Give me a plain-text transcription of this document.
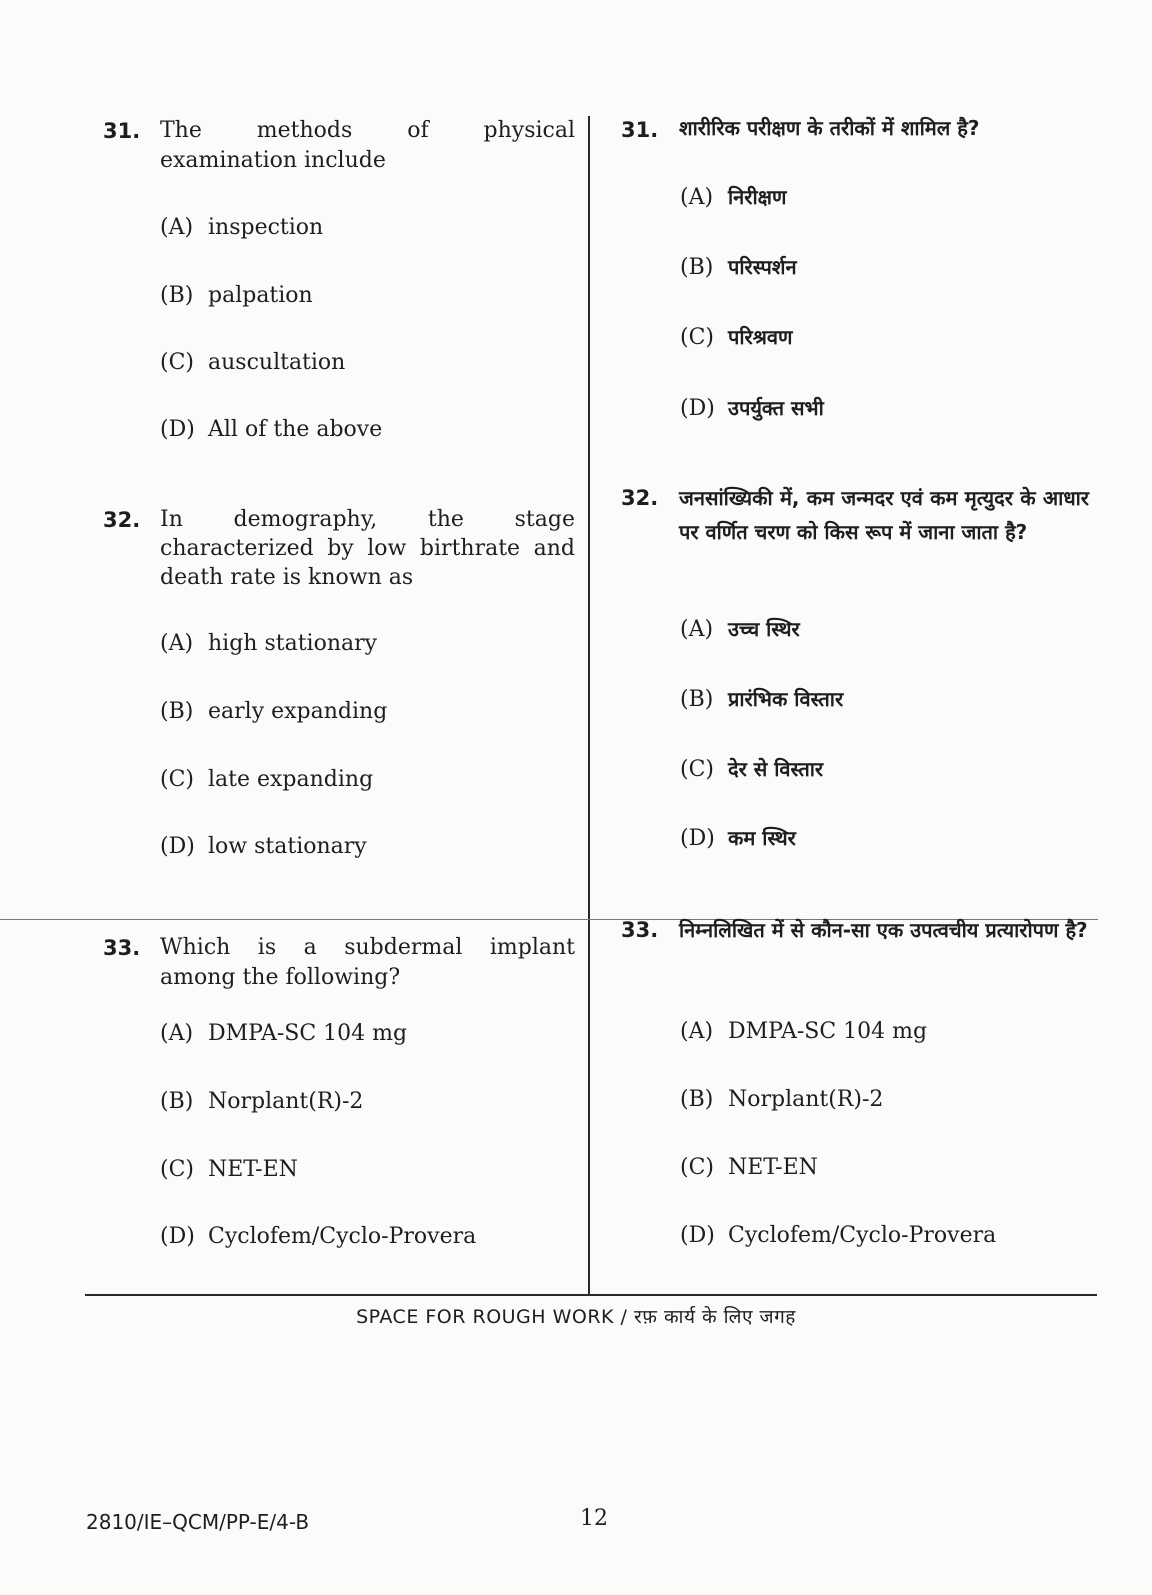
31. The methods of physical examination include
(A) inspection
(B) palpation
(C) auscultation
(D) All of the above
31. शारीरिक परीक्षण के तरीकों में शामिल है?
(A) निरीक्षण
(B) परिस्पर्शन
(C) परिश्रवण
(D) उपर्युक्त सभी
32. In demography, the stage characterized by low birthrate and death rate is known as
(A) high stationary
(B) early expanding
(C) late expanding
(D) low stationary
32. जनसांख्यिकी में, कम जन्मदर एवं कम मृत्युदर के आधार पर वर्णित चरण को किस रूप में जाना जाता है?
(A) उच्च स्थिर
(B) प्रारंभिक विस्तार
(C) देर से विस्तार
(D) कम स्थिर
33. Which is a subdermal implant among the following?
(A) DMPA-SC 104 mg
(B) Norplant(R)-2
(C) NET-EN
(D) Cyclofem/Cyclo-Provera
33. निम्नलिखित में से कौन-सा एक उपत्वचीय प्रत्यारोपण है?
(A) DMPA-SC 104 mg
(B) Norplant(R)-2
(C) NET-EN
(D) Cyclofem/Cyclo-Provera
SPACE FOR ROUGH WORK / रफ़ कार्य के लिए जगह
2810/IE–QCM/PP-E/4-B	12
